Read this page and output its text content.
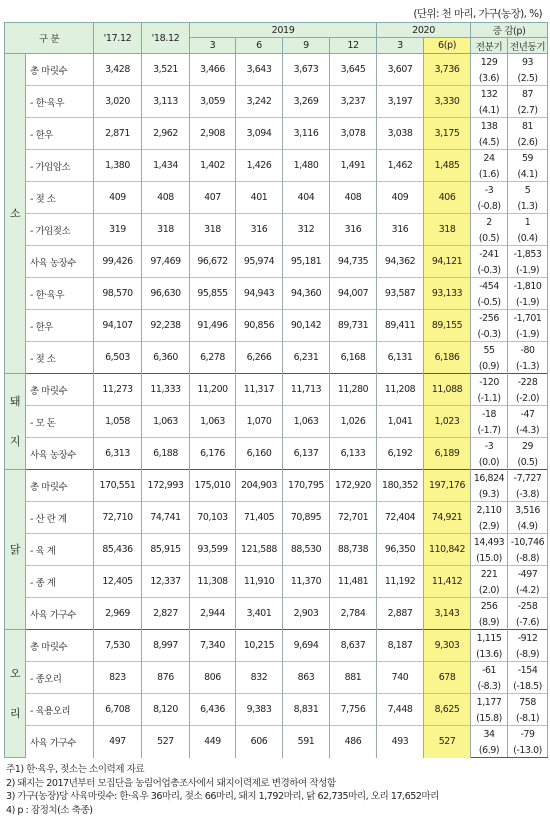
(단위: 천 마리, 가구(농장), %)
구 분		'17.12	'18.12	2019				2020		증 감(p)	
				3	6	9	12	3	6(p)	전분기	전년동기

소	총 마릿수	3,428	3,521	3,466	3,643	3,673	3,645	3,607	3,736	129	93
										(3.6)	(2.5)
	- 한·육우	3,020	3,113	3,059	3,242	3,269	3,237	3,197	3,330	132	87
										(4.1)	(2.7)
	- 한우	2,871	2,962	2,908	3,094	3,116	3,078	3,038	3,175	138	81
										(4.5)	(2.6)
	- 가임암소	1,380	1,434	1,402	1,426	1,480	1,491	1,462	1,485	24	59
										(1.6)	(4.1)
	- 젖 소	409	408	407	401	404	408	409	406	-3	5
										(-0.8)	(1.3)
	- 가임젖소	319	318	318	316	312	316	316	318	2	1
										(0.5)	(0.4)
	사육 농장수	99,426	97,469	96,672	95,974	95,181	94,735	94,362	94,121	-241	-1,853
										(-0.3)	(-1.9)
	- 한·육우	98,570	96,630	95,855	94,943	94,360	94,007	93,587	93,133	-454	-1,810
										(-0.5)	(-1.9)
	- 한우	94,107	92,238	91,496	90,856	90,142	89,731	89,411	89,155	-256	-1,701
										(-0.3)	(-1.9)
	- 젖 소	6,503	6,360	6,278	6,266	6,231	6,168	6,131	6,186	55	-80
										(0.9)	(-1.3)

돼지	총 마릿수	11,273	11,333	11,200	11,317	11,713	11,280	11,208	11,088	-120	-228
										(-1.1)	(-2.0)
	- 모 돈	1,058	1,063	1,063	1,070	1,063	1,026	1,041	1,023	-18	-47
										(-1.7)	(-4.3)
	사육 농장수	6,313	6,188	6,176	6,160	6,137	6,133	6,192	6,189	-3	29
										(0.0)	(0.5)

닭	총 마릿수	170,551	172,993	175,010	204,903	170,795	172,920	180,352	197,176	16,824	-7,727
										(9.3)	(-3.8)
	- 산 란 계	72,710	74,741	70,103	71,405	70,895	72,701	72,404	74,921	2,110	3,516
										(2.9)	(4.9)
	- 육 계	85,436	85,915	93,599	121,588	88,530	88,738	96,350	110,842	14,493	-10,746
										(15.0)	(-8.8)
	- 종 계	12,405	12,337	11,308	11,910	11,370	11,481	11,192	11,412	221	-497
										(2.0)	(-4.2)
	사육 가구수	2,969	2,827	2,944	3,401	2,903	2,784	2,887	3,143	256	-258
										(8.9)	(-7.6)

오리	총 마릿수	7,530	8,997	7,340	10,215	9,694	8,637	8,187	9,303	1,115	-912
										(13.6)	(-8.9)
	- 종오리	823	876	806	832	863	881	740	678	-61	-154
										(-8.3)	(-18.5)
	- 육용오리	6,708	8,120	6,436	9,383	8,831	7,756	7,448	8,625	1,177	758
										(15.8)	(-8.1)
	사육 가구수	497	527	449	606	591	486	493	527	34	-79
										(6.9)	(-13.0)
주1) 한·육우, 젖소는 소이력제 자료
2) 돼지는 2017년부터 모집단을 농림어업총조사에서 돼지이력제로 변경하여 작성함
3) 가구(농장)당 사육마릿수: 한·육우 36마리, 젖소 66마리, 돼지 1,792마리, 닭 62,735마리, 오리 17,652마리
4) p : 잠정치(소 축종)
